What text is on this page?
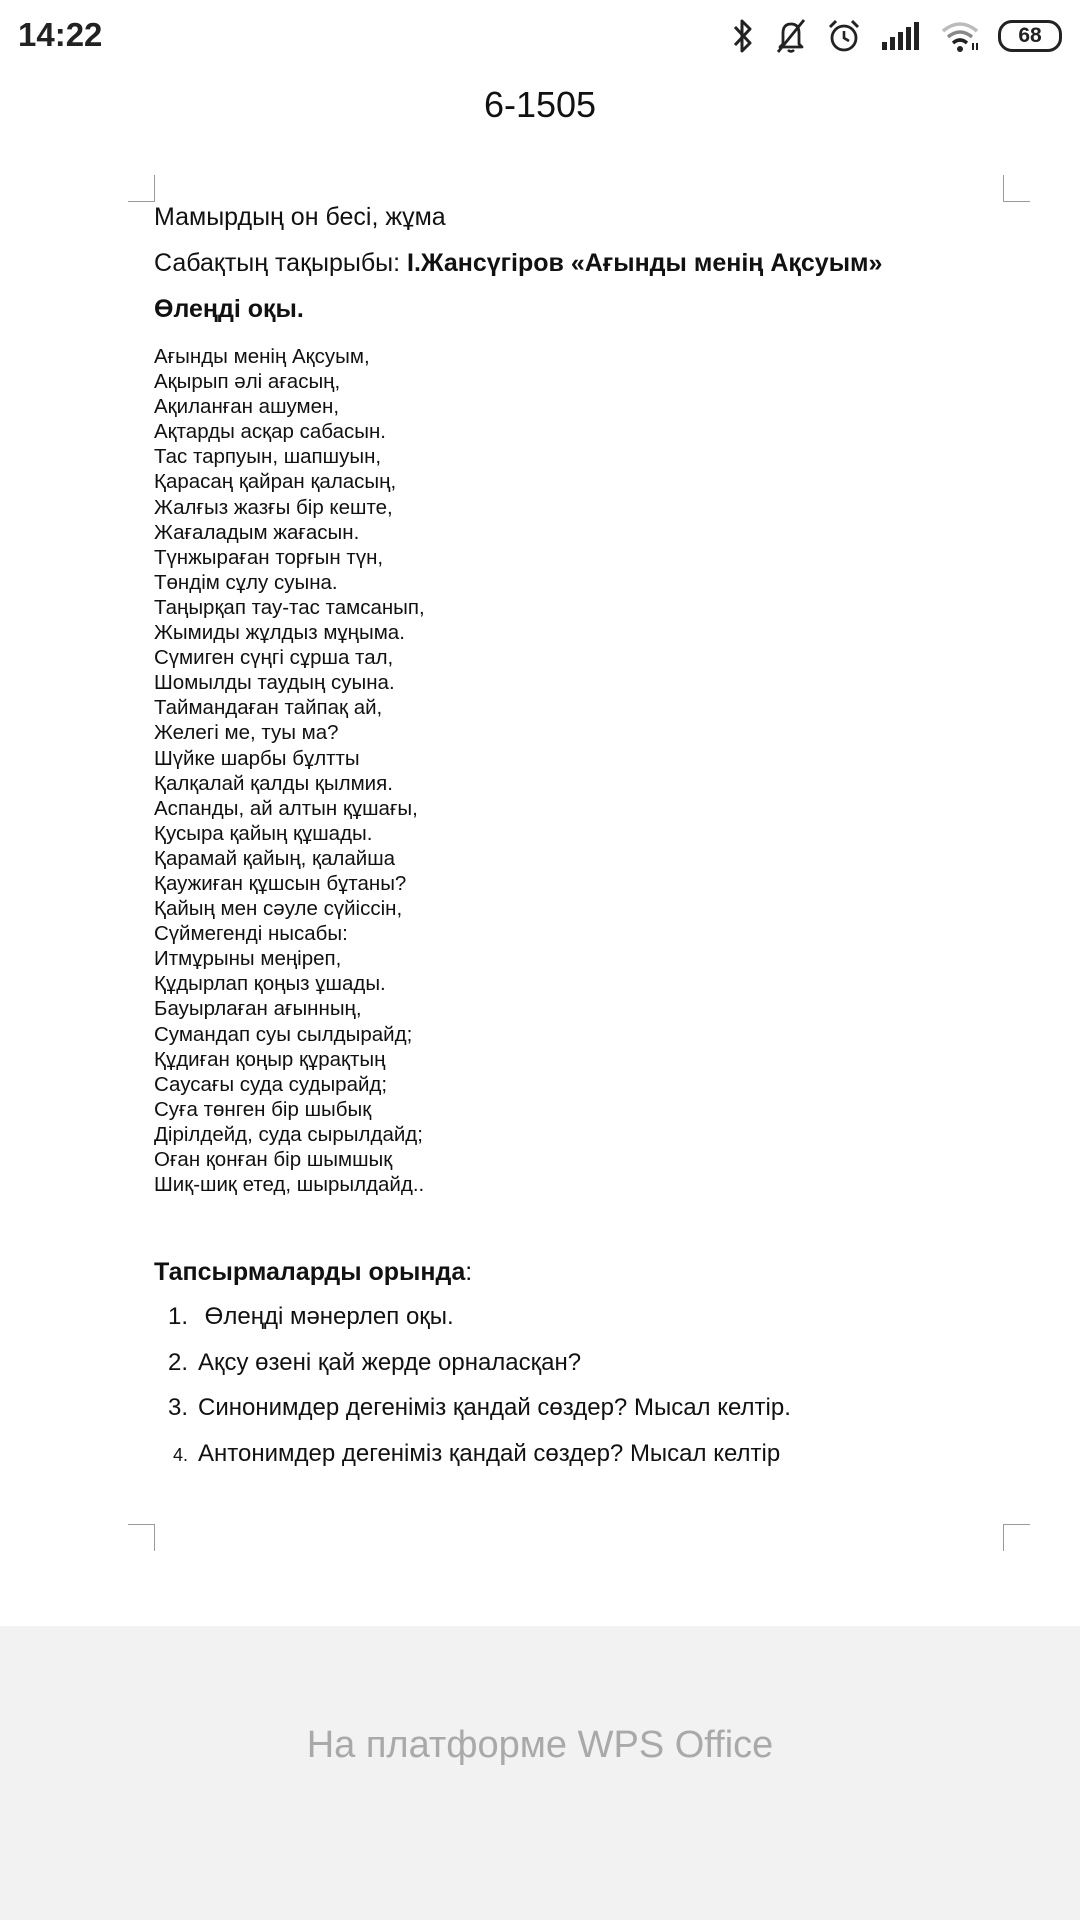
14:22	68
6-1505

Мамырдың он бесі, жұма

Сабақтың тақырыбы: І.Жансүгіров «Ағынды менің Ақсуым»

Өлеңді оқы.

Ағынды менің Ақсуым,
Ақырып әлі ағасың,
Ақиланған ашумен,
Ақтарды асқар сабасын.
Тас тарпуын, шапшуын,
Қарасаң қайран қаласың,
Жалғыз жазғы бір кеште,
Жағаладым жағасын.
Түнжыраған торғын түн,
Төндім сұлу суына.
Таңырқап тау-тас тамсанып,
Жымиды жұлдыз мұңыма.
Сүмиген сүңгі сұрша тал,
Шомылды таудың суына.
Таймандаған тайпақ ай,
Желегі ме, туы ма?
Шүйке шарбы бұлтты
Қалқалай қалды қылмия.
Аспанды, ай алтын құшағы,
Қусыра қайың құшады.
Қарамай қайың, қалайша
Қаужиған құшсын бұтаны?
Қайың мен сәуле сүйіссін,
Сүймегенді нысабы:
Итмұрыны меңіреп,
Құдырлап қоңыз ұшады.
Бауырлаған ағынның,
Сумандап суы сылдырайд;
Құдиған қоңыр құрақтың
Саусағы суда судырайд;
Суға төнген бір шыбық
Дірілдейд, суда сырылдайд;
Оған қонған бір шымшық
Шиқ-шиқ етед, шырылдайд..
Тапсырмаларды орында:
1. Өлеңді мәнерлеп оқы.
2. Ақсу өзені қай жерде орналасқан?
3. Синонимдер дегеніміз қандай сөздер? Мысал келтір.
4. Антонимдер дегеніміз қандай сөздер? Мысал келтір
На платформе WPS Office
